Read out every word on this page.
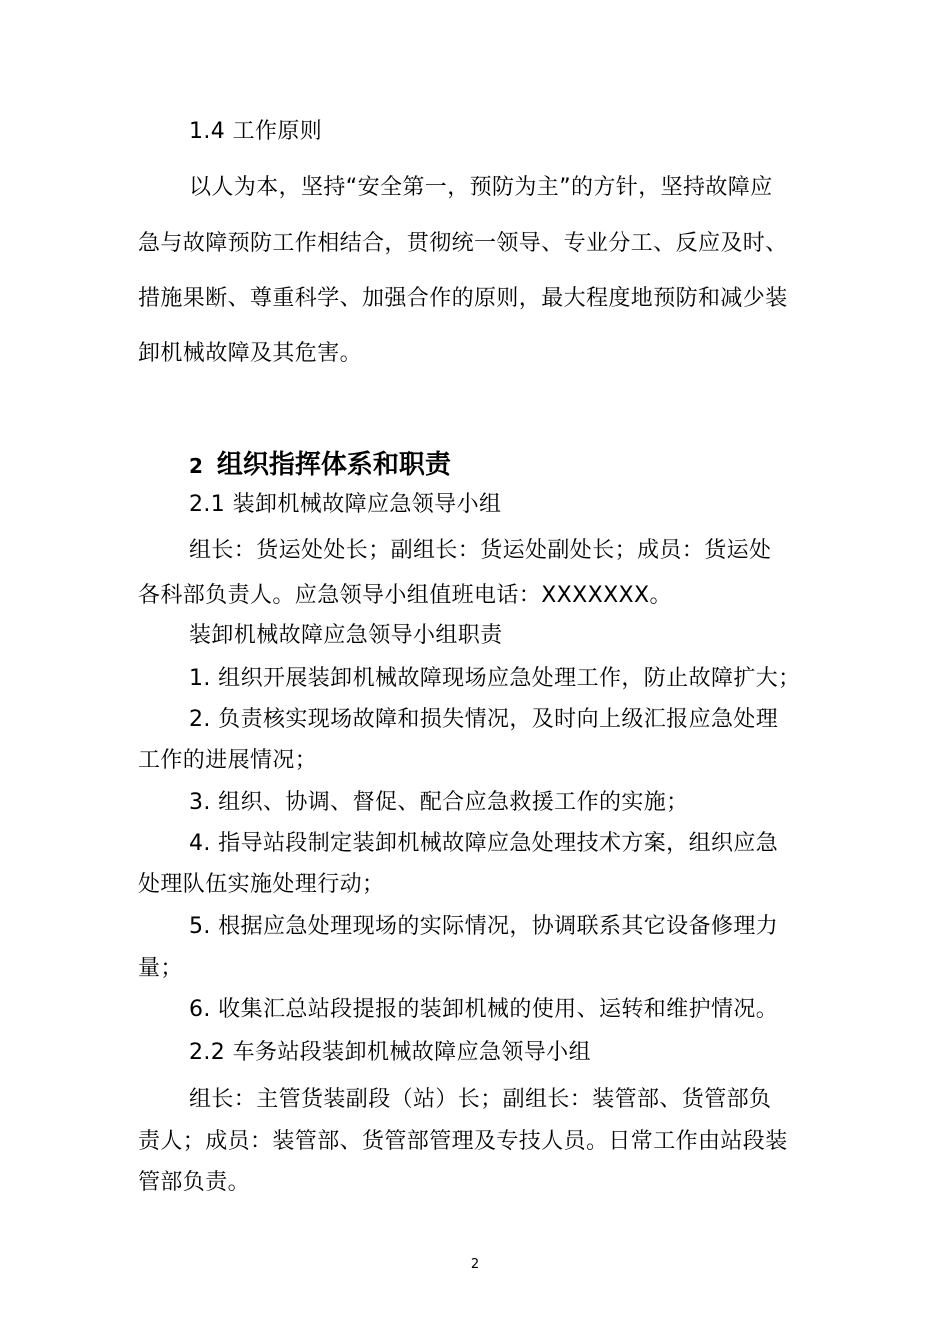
1.4 工作原则
以人为本，坚持“安全第一，预防为主”的方针，坚持故障应
急与故障预防工作相结合，贯彻统一领导、专业分工、反应及时、
措施果断、尊重科学、加强合作的原则，最大程度地预防和减少装
卸机械故障及其危害。
2 组织指挥体系和职责
2.1 装卸机械故障应急领导小组
组长：货运处处长；副组长：货运处副处长；成员：货运处
各科部负责人。应急领导小组值班电话：XXXXXXX。
装卸机械故障应急领导小组职责
1. 组织开展装卸机械故障现场应急处理工作，防止故障扩大；
2. 负责核实现场故障和损失情况，及时向上级汇报应急处理
工作的进展情况；
3. 组织、协调、督促、配合应急救援工作的实施；
4. 指导站段制定装卸机械故障应急处理技术方案，组织应急
处理队伍实施处理行动；
5. 根据应急处理现场的实际情况，协调联系其它设备修理力
量；
6. 收集汇总站段提报的装卸机械的使用、运转和维护情况。
2.2 车务站段装卸机械故障应急领导小组
组长：主管货装副段（站）长；副组长：装管部、货管部负
责人；成员：装管部、货管部管理及专技人员。日常工作由站段装
管部负责。
2
